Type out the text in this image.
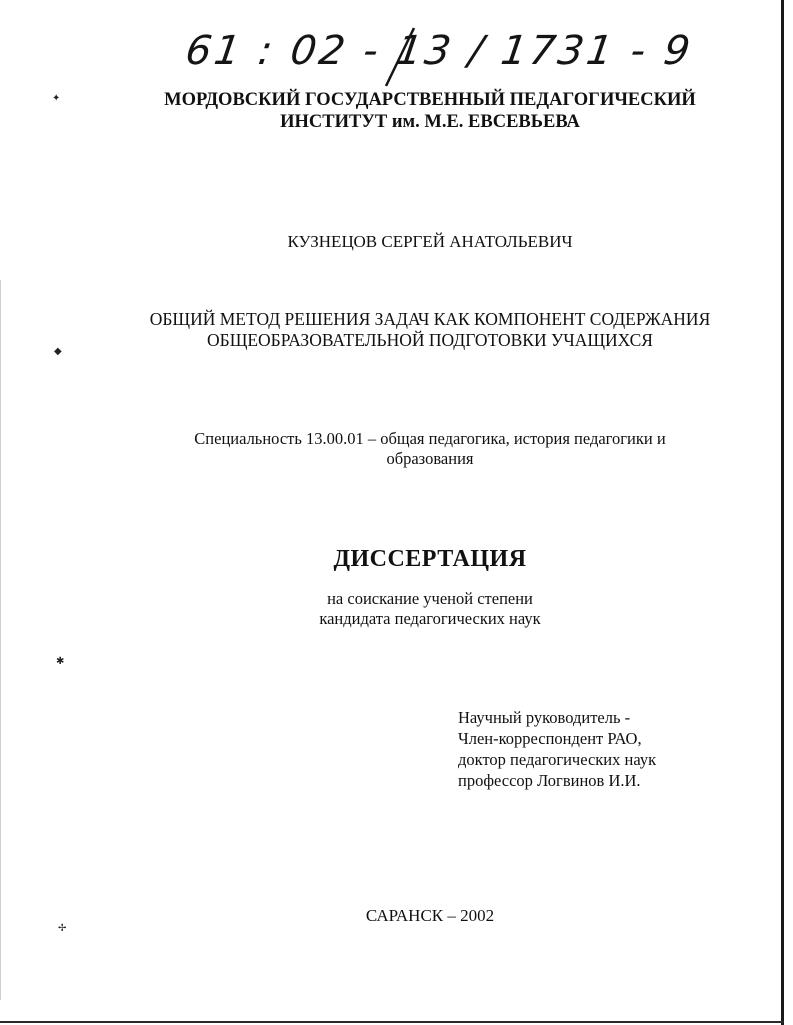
✦
◆
✱
✢
61 : 02 - 13 / 1731 - 9
МОРДОВСКИЙ ГОСУДАРСТВЕННЫЙ ПЕДАГОГИЧЕСКИЙ
ИНСТИТУТ им. М.Е. ЕВСЕВЬЕВА
КУЗНЕЦОВ СЕРГЕЙ АНАТОЛЬЕВИЧ
ОБЩИЙ МЕТОД РЕШЕНИЯ ЗАДАЧ КАК КОМПОНЕНТ СОДЕРЖАНИЯ
ОБЩЕОБРАЗОВАТЕЛЬНОЙ ПОДГОТОВКИ УЧАЩИХСЯ
Специальность 13.00.01 – общая педагогика, история педагогики и
образования
ДИССЕРТАЦИЯ
на соискание ученой степени
кандидата педагогических наук
Научный руководитель -
Член-корреспондент РАО,
доктор педагогических наук
профессор Логвинов И.И.
САРАНСК – 2002
